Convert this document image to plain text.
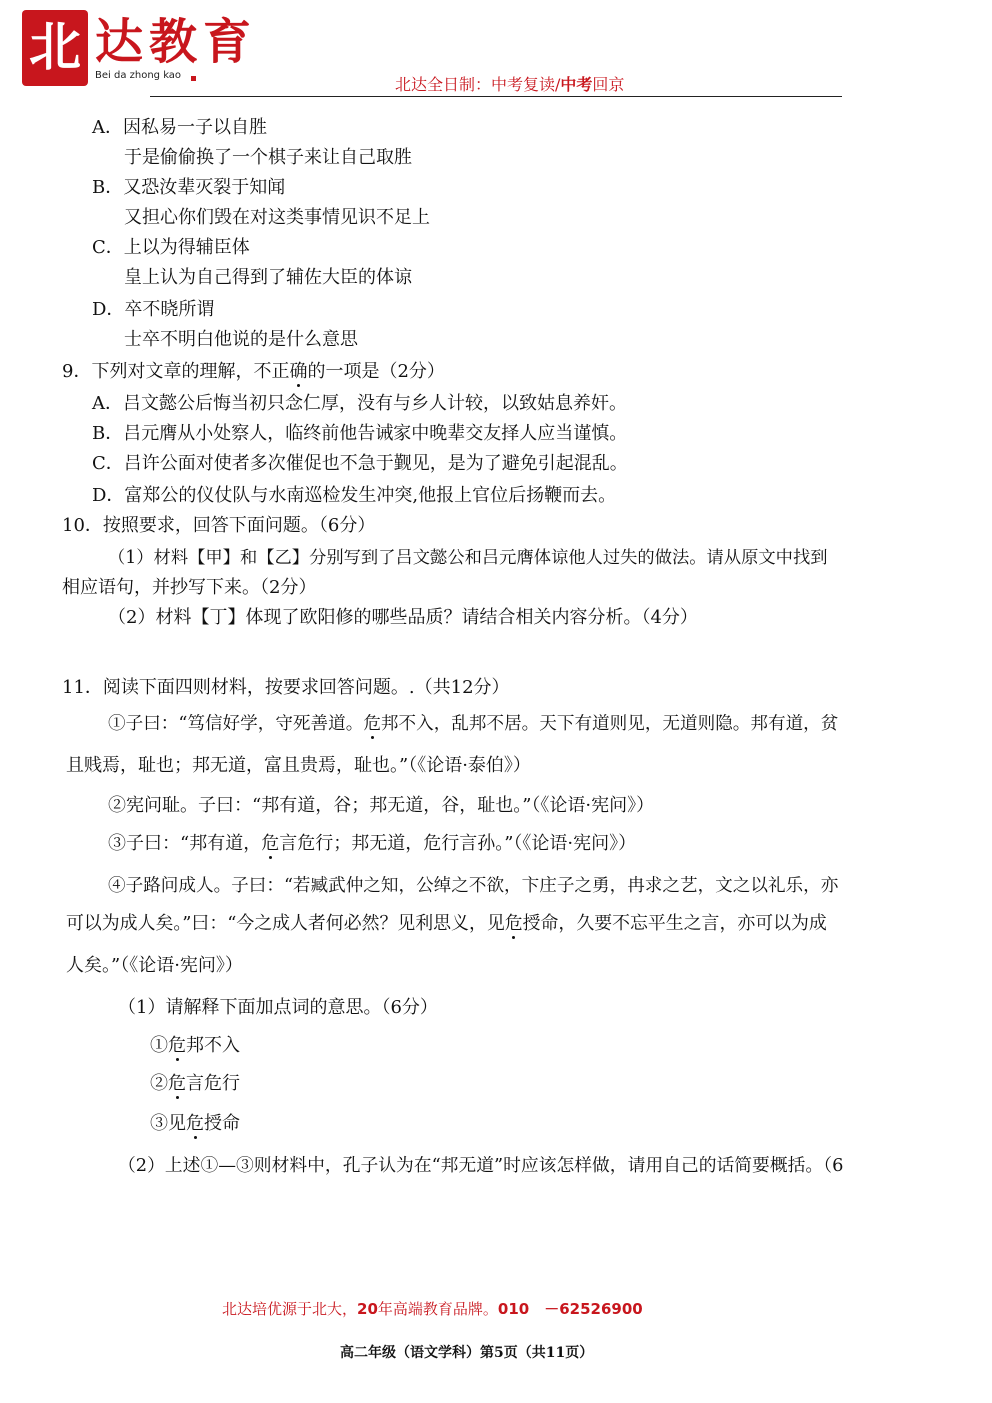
北 达教育
Bei da zhong kao	北达全日制：中考复读/中考回京
A．因私易一子以自胜
于是偷偷换了一个棋子来让自己取胜
B．又恐汝辈灭裂于知闻
又担心你们毁在对这类事情见识不足上
C．上以为得辅臣体
皇上认为自己得到了辅佐大臣的体谅
D．卒不晓所谓
士卒不明白他说的是什么意思
9．下列对文章的理解，不正确的一项是（2分）
A．吕文懿公后悔当初只念仁厚，没有与乡人计较，以致姑息养奸。
B．吕元膺从小处察人，临终前他告诫家中晚辈交友择人应当谨慎。
C．吕许公面对使者多次催促也不急于觐见，是为了避免引起混乱。
D．富郑公的仪仗队与水南巡检发生冲突,他报上官位后扬鞭而去。
10．按照要求，回答下面问题。（6分）
（1）材料【甲】和【乙】分别写到了吕文懿公和吕元膺体谅他人过失的做法。请从原文中找到
相应语句，并抄写下来。（2分）
（2）材料【丁】体现了欧阳修的哪些品质？请结合相关内容分析。（4分）
11．阅读下面四则材料，按要求回答问题。.（共12分）
①子曰：“笃信好学，守死善道。危邦不入，乱邦不居。天下有道则见，无道则隐。邦有道，贫
且贱焉，耻也；邦无道，富且贵焉，耻也。”（《论语·泰伯》）
②宪问耻。子曰：“邦有道，谷；邦无道，谷，耻也。”（《论语·宪问》）
③子曰：“邦有道，危言危行；邦无道，危行言孙。”（《论语·宪问》）
④子路问成人。子曰：“若臧武仲之知，公绰之不欲，卞庄子之勇，冉求之艺，文之以礼乐，亦
可以为成人矣。”曰：“今之成人者何必然？见利思义，见危授命，久要不忘平生之言，亦可以为成
人矣。”（《论语·宪问》）
（1）请解释下面加点词的意思。（6分）
①危邦不入
②危言危行
③见危授命
（2）上述①—③则材料中，孔子认为在“邦无道”时应该怎样做，请用自己的话简要概括。（6
北达培优源于北大，20年高端教育品牌。010　－62526900
高二年级（语文学科）第5页（共11页）
